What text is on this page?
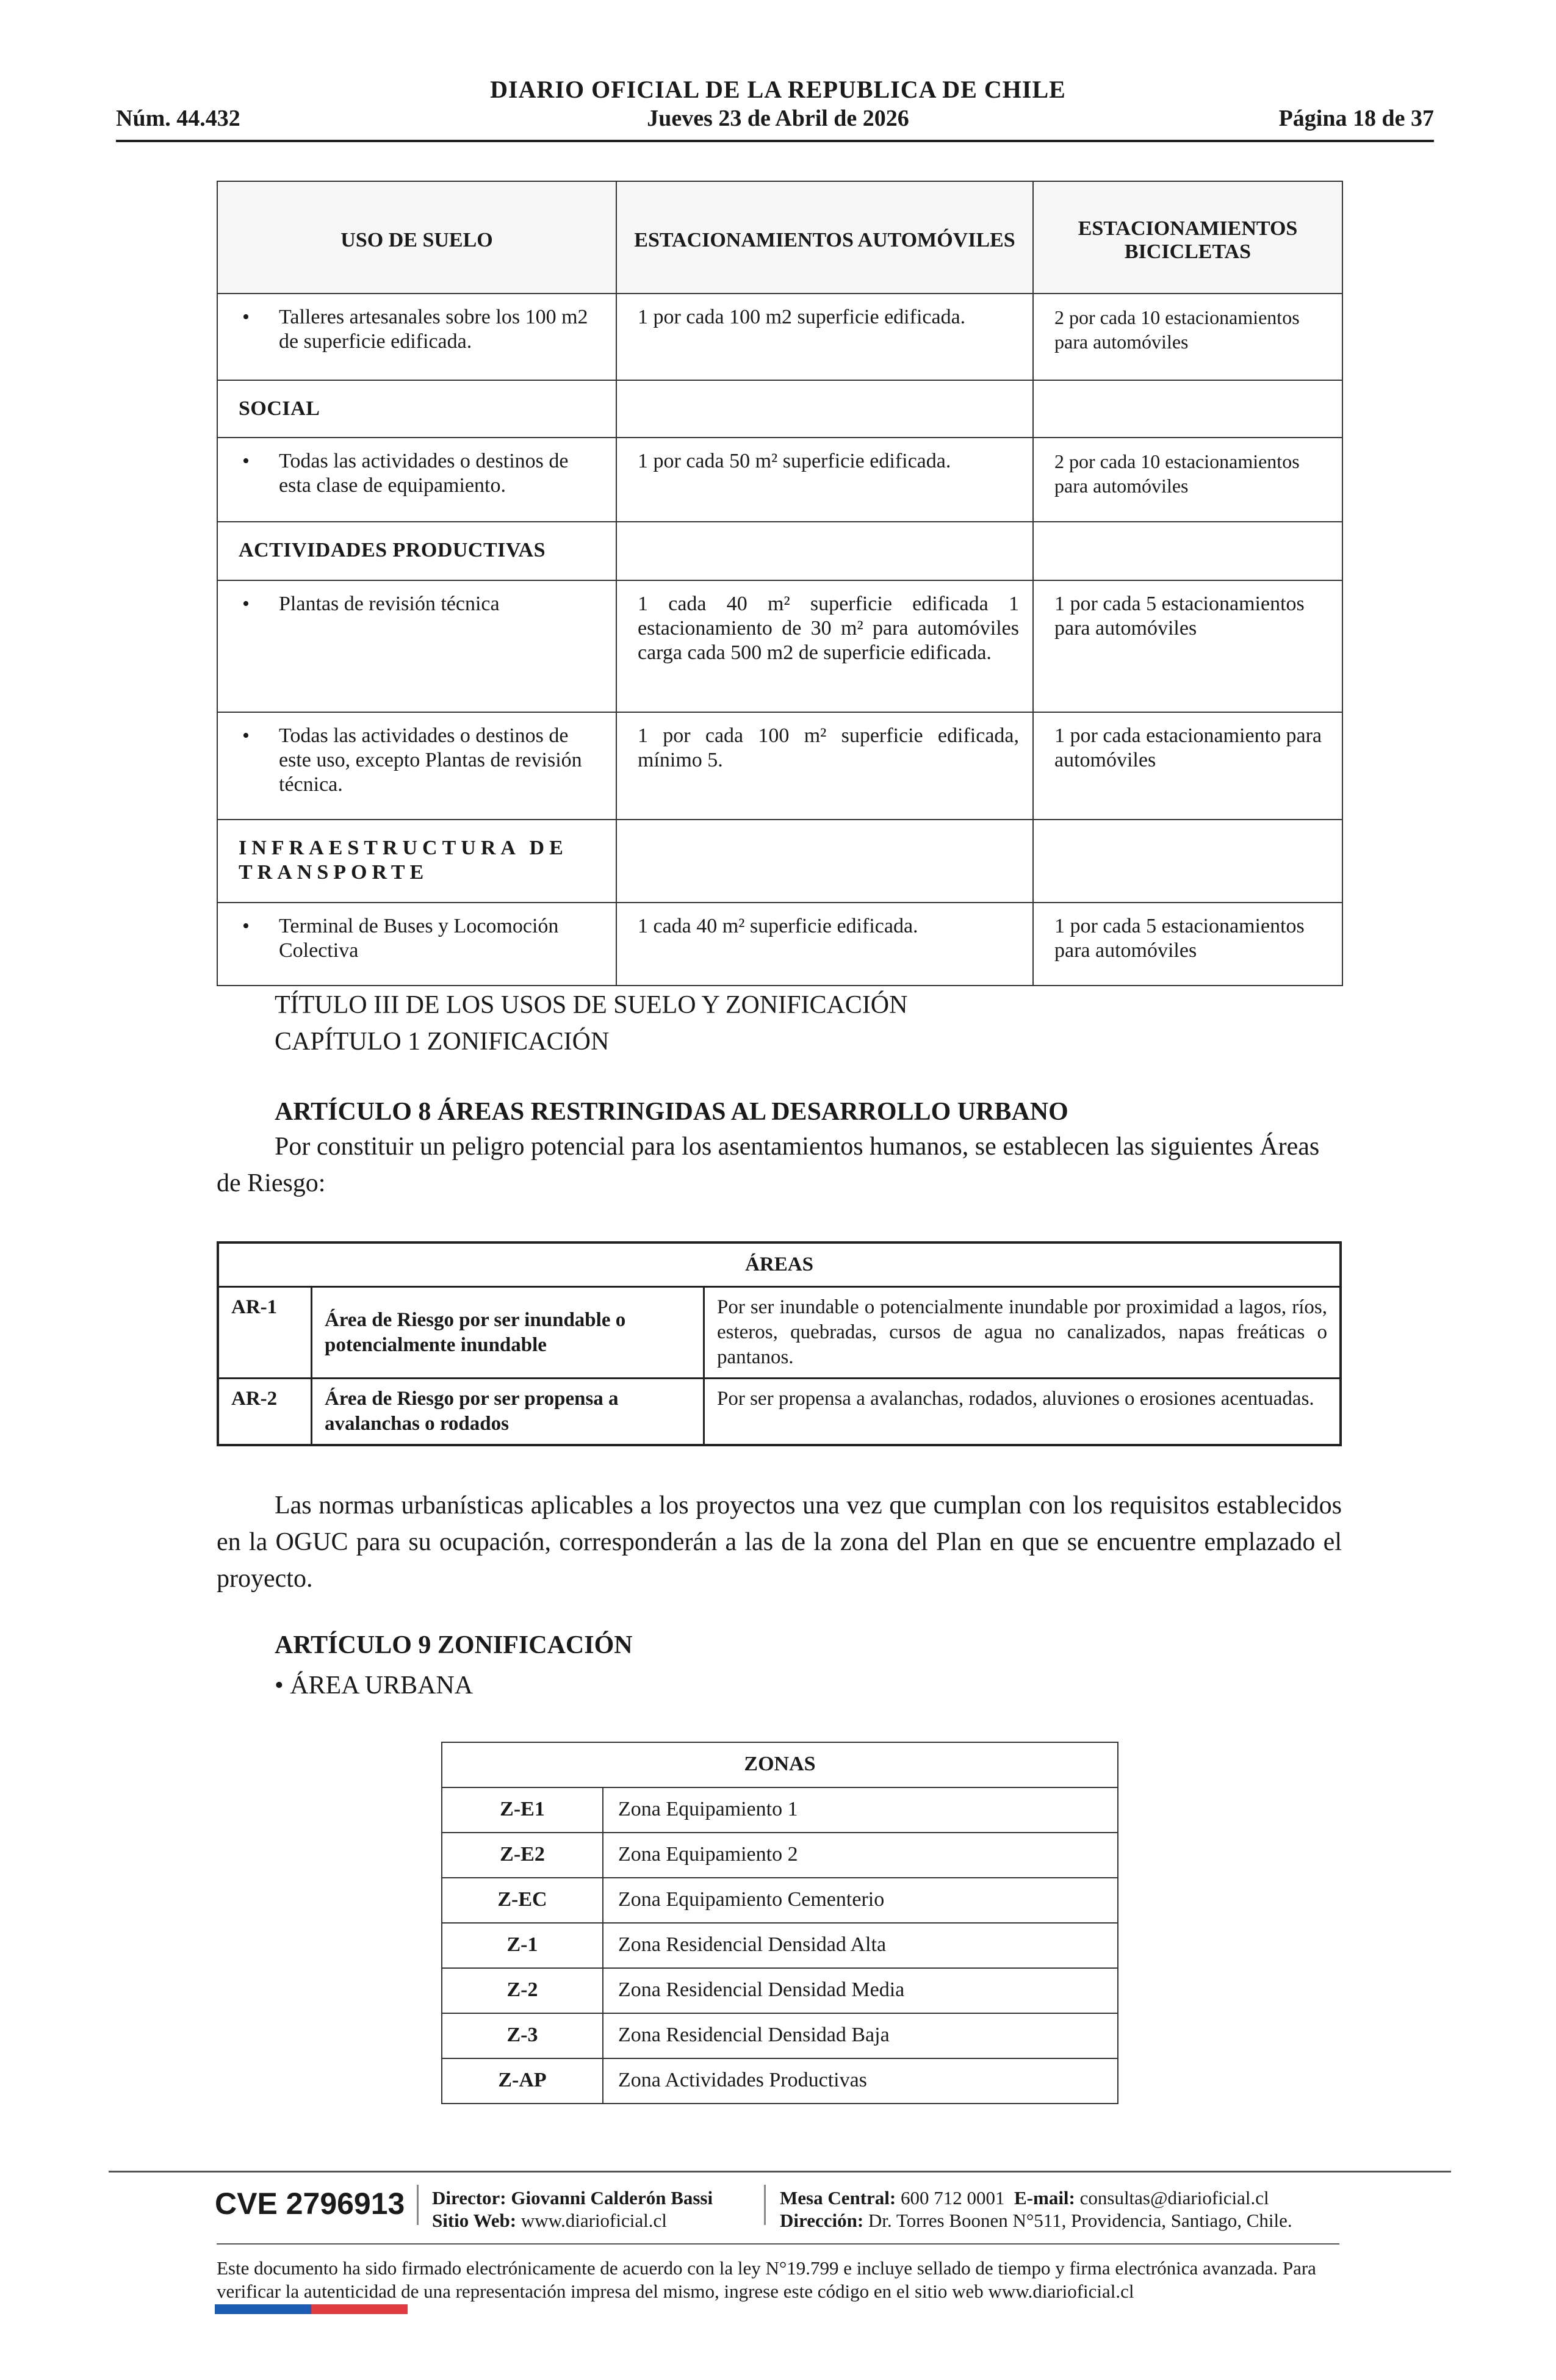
DIARIO OFICIAL DE LA REPUBLICA DE CHILE
Núm. 44.432	Jueves 23 de Abril de 2026	Página 18 de 37
USO DE SUELO	ESTACIONAMIENTOS AUTOMÓVILES	ESTACIONAMIENTOS BICICLETAS
• Talleres artesanales sobre los 100 m2 de superficie edificada.	1 por cada 100 m2 superficie edificada.	2 por cada 10 estacionamientos para automóviles
SOCIAL		
• Todas las actividades o destinos de esta clase de equipamiento.	1 por cada 50 m² superficie edificada.	2 por cada 10 estacionamientos para automóviles
ACTIVIDADES PRODUCTIVAS		
• Plantas de revisión técnica	1 cada 40 m² superficie edificada 1 estacionamiento de 30 m² para automóviles carga cada 500 m2 de superficie edificada.	1 por cada 5 estacionamientos para automóviles
• Todas las actividades o destinos de este uso, excepto Plantas de revisión técnica.	1 por cada 100 m² superficie edificada, mínimo 5.	1 por cada estacionamiento para automóviles
INFRAESTRUCTURA DE TRANSPORTE		
• Terminal de Buses y Locomoción Colectiva	1 cada 40 m² superficie edificada.	1 por cada 5 estacionamientos para automóviles
TÍTULO III DE LOS USOS DE SUELO Y ZONIFICACIÓN
CAPÍTULO 1 ZONIFICACIÓN
ARTÍCULO 8 ÁREAS RESTRINGIDAS AL DESARROLLO URBANO
Por constituir un peligro potencial para los asentamientos humanos, se establecen las siguientes Áreas de Riesgo:
ÁREAS		
AR-1	Área de Riesgo por ser inundable o potencialmente inundable	Por ser inundable o potencialmente inundable por proximidad a lagos, ríos, esteros, quebradas, cursos de agua no canalizados, napas freáticas o pantanos.
AR-2	Área de Riesgo por ser propensa a avalanchas o rodados	Por ser propensa a avalanchas, rodados, aluviones o erosiones acentuadas.
Las normas urbanísticas aplicables a los proyectos una vez que cumplan con los requisitos establecidos en la OGUC para su ocupación, corresponderán a las de la zona del Plan en que se encuentre emplazado el proyecto.
ARTÍCULO 9 ZONIFICACIÓN
• ÁREA URBANA
ZONAS	
Z-E1	Zona Equipamiento 1
Z-E2	Zona Equipamiento 2
Z-EC	Zona Equipamiento Cementerio
Z-1	Zona Residencial Densidad Alta
Z-2	Zona Residencial Densidad Media
Z-3	Zona Residencial Densidad Baja
Z-AP	Zona Actividades Productivas
CVE 2796913 Director: Giovanni Calderón Bassi
Sitio Web: www.diarioficial.cl
Mesa Central: 600 712 0001 E-mail: consultas@diarioficial.cl
Dirección: Dr. Torres Boonen N°511, Providencia, Santiago, Chile.
Este documento ha sido firmado electrónicamente de acuerdo con la ley N°19.799 e incluye sellado de tiempo y firma electrónica avanzada. Para verificar la autenticidad de una representación impresa del mismo, ingrese este código en el sitio web www.diarioficial.cl
